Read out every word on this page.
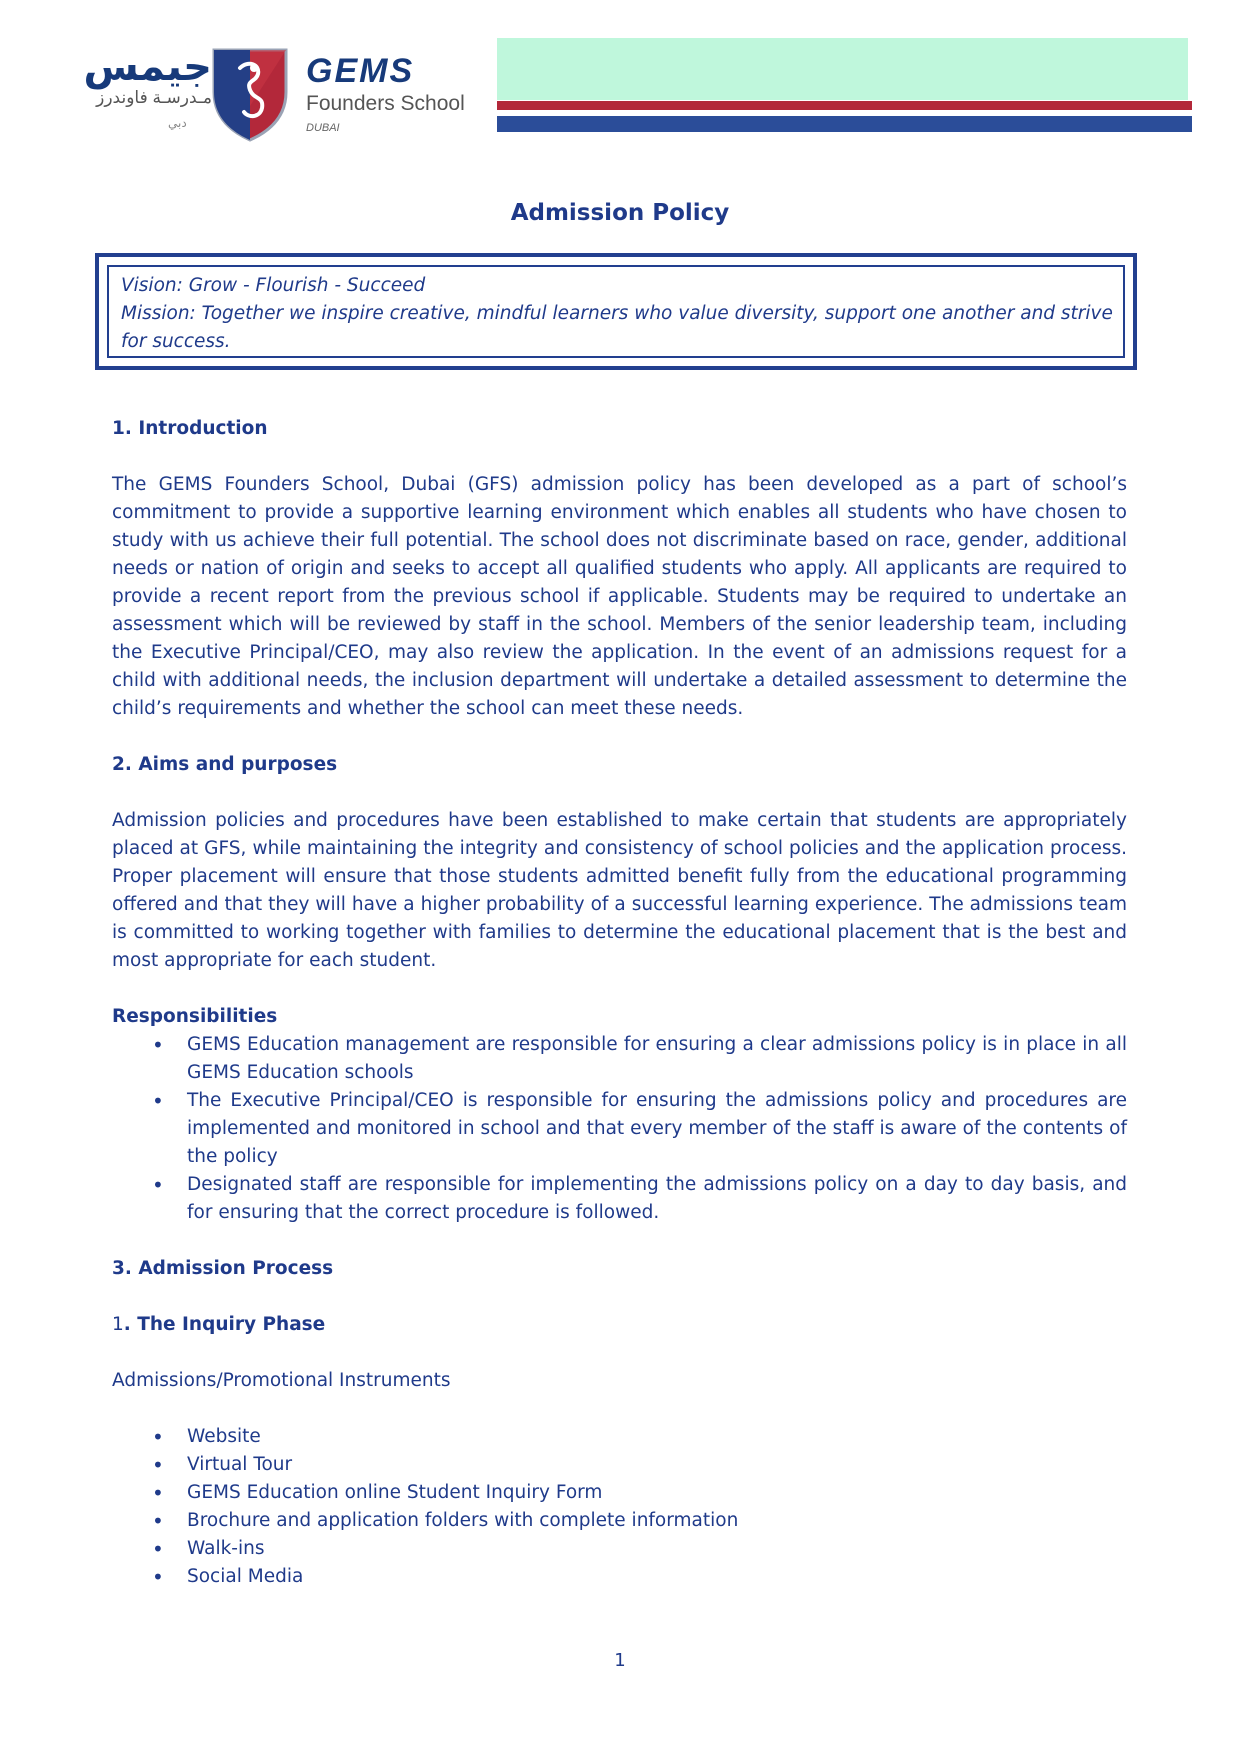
جيمس
مـدرسـة فاوندرز
دبي
GEMS
Founders School
DUBAI
Admission Policy
Vision: Grow - Flourish - Succeed
Mission: Together we inspire creative, mindful learners who value diversity, support one another and strive for success.

1. Introduction

The GEMS Founders School, Dubai (GFS) admission policy has been developed as a part of school’s commitment to provide a supportive learning environment which enables all students who have chosen to study with us achieve their full potential. The school does not discriminate based on race, gender, additional needs or nation of origin and seeks to accept all qualified students who apply. All applicants are required to provide a recent report from the previous school if applicable. Students may be required to undertake an assessment which will be reviewed by staff in the school. Members of the senior leadership team, including the Executive Principal/CEO, may also review the application. In the event of an admissions request for a child with additional needs, the inclusion department will undertake a detailed assessment to determine the child’s requirements and whether the school can meet these needs.

2. Aims and purposes

Admission policies and procedures have been established to make certain that students are appropriately placed at GFS, while maintaining the integrity and consistency of school policies and the application process. Proper placement will ensure that those students admitted benefit fully from the educational programming offered and that they will have a higher probability of a successful learning experience. The admissions team is committed to working together with families to determine the educational placement that is the best and most appropriate for each student.

Responsibilities

• GEMS Education management are responsible for ensuring a clear admissions policy is in place in all GEMS Education schools
• The Executive Principal/CEO is responsible for ensuring the admissions policy and procedures are implemented and monitored in school and that every member of the staff is aware of the contents of the policy
• Designated staff are responsible for implementing the admissions policy on a day to day basis, and for ensuring that the correct procedure is followed.

3. Admission Process

1. The Inquiry Phase

Admissions/Promotional Instruments

• Website
• Virtual Tour
• GEMS Education online Student Inquiry Form
• Brochure and application folders with complete information
• Walk-ins
• Social Media
1
